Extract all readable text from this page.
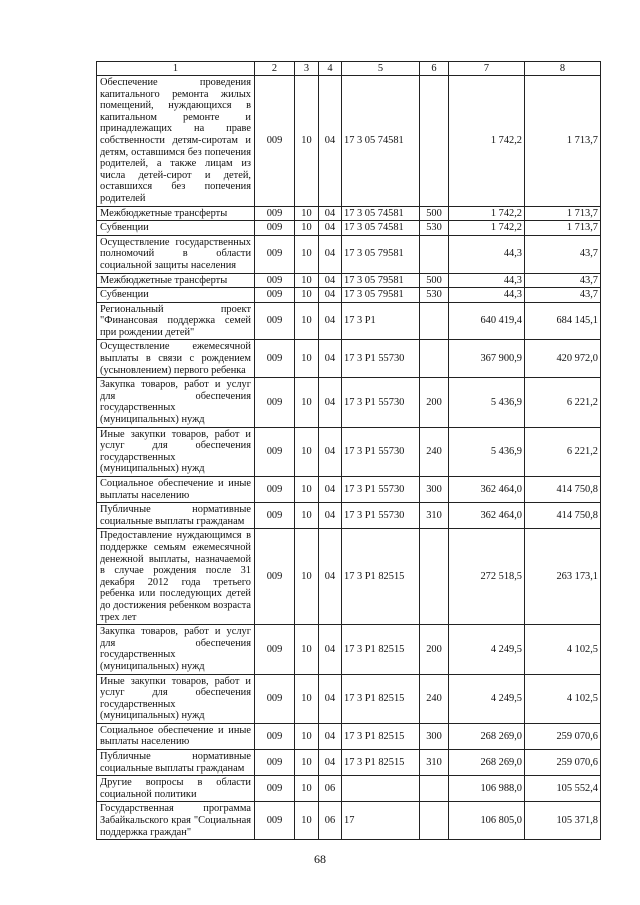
1	2	3	4	5	6	7	8
Обеспечение проведения капитального ремонта жилых помещений, нуждающихся в капитальном ремонте и принадлежащих на праве собственности детям-сиротам и детям, оставшимся без попечения родителей, а также лицам из числа детей-сирот и детей, оставшихся без попечения родителей	009	10	04	17 3 05 74581		1 742,2	1 713,7
Межбюджетные трансферты	009	10	04	17 3 05 74581	500	1 742,2	1 713,7
Субвенции	009	10	04	17 3 05 74581	530	1 742,2	1 713,7
Осуществление государственных полномочий в области социальной защиты населения	009	10	04	17 3 05 79581		44,3	43,7
Межбюджетные трансферты	009	10	04	17 3 05 79581	500	44,3	43,7
Субвенции	009	10	04	17 3 05 79581	530	44,3	43,7
Региональный проект "Финансовая поддержка семей при рождении детей"	009	10	04	17 3 P1		640 419,4	684 145,1
Осуществление ежемесячной выплаты в связи с рождением (усыновлением) первого ребенка	009	10	04	17 3 P1 55730		367 900,9	420 972,0
Закупка товаров, работ и услуг для обеспечения государственных (муниципальных) нужд	009	10	04	17 3 P1 55730	200	5 436,9	6 221,2
Иные закупки товаров, работ и услуг для обеспечения государственных (муниципальных) нужд	009	10	04	17 3 P1 55730	240	5 436,9	6 221,2
Социальное обеспечение и иные выплаты населению	009	10	04	17 3 P1 55730	300	362 464,0	414 750,8
Публичные нормативные социальные выплаты гражданам	009	10	04	17 3 P1 55730	310	362 464,0	414 750,8
Предоставление нуждающимся в поддержке семьям ежемесячной денежной выплаты, назначаемой в случае рождения после 31 декабря 2012 года третьего ребенка или последующих детей до достижения ребенком возраста трех лет	009	10	04	17 3 P1 82515		272 518,5	263 173,1
Закупка товаров, работ и услуг для обеспечения государственных (муниципальных) нужд	009	10	04	17 3 P1 82515	200	4 249,5	4 102,5
Иные закупки товаров, работ и услуг для обеспечения государственных (муниципальных) нужд	009	10	04	17 3 P1 82515	240	4 249,5	4 102,5
Социальное обеспечение и иные выплаты населению	009	10	04	17 3 P1 82515	300	268 269,0	259 070,6
Публичные нормативные социальные выплаты гражданам	009	10	04	17 3 P1 82515	310	268 269,0	259 070,6
Другие вопросы в области социальной политики	009	10	06			106 988,0	105 552,4
Государственная программа Забайкальского края "Социальная поддержка граждан"	009	10	06	17		106 805,0	105 371,8
68
